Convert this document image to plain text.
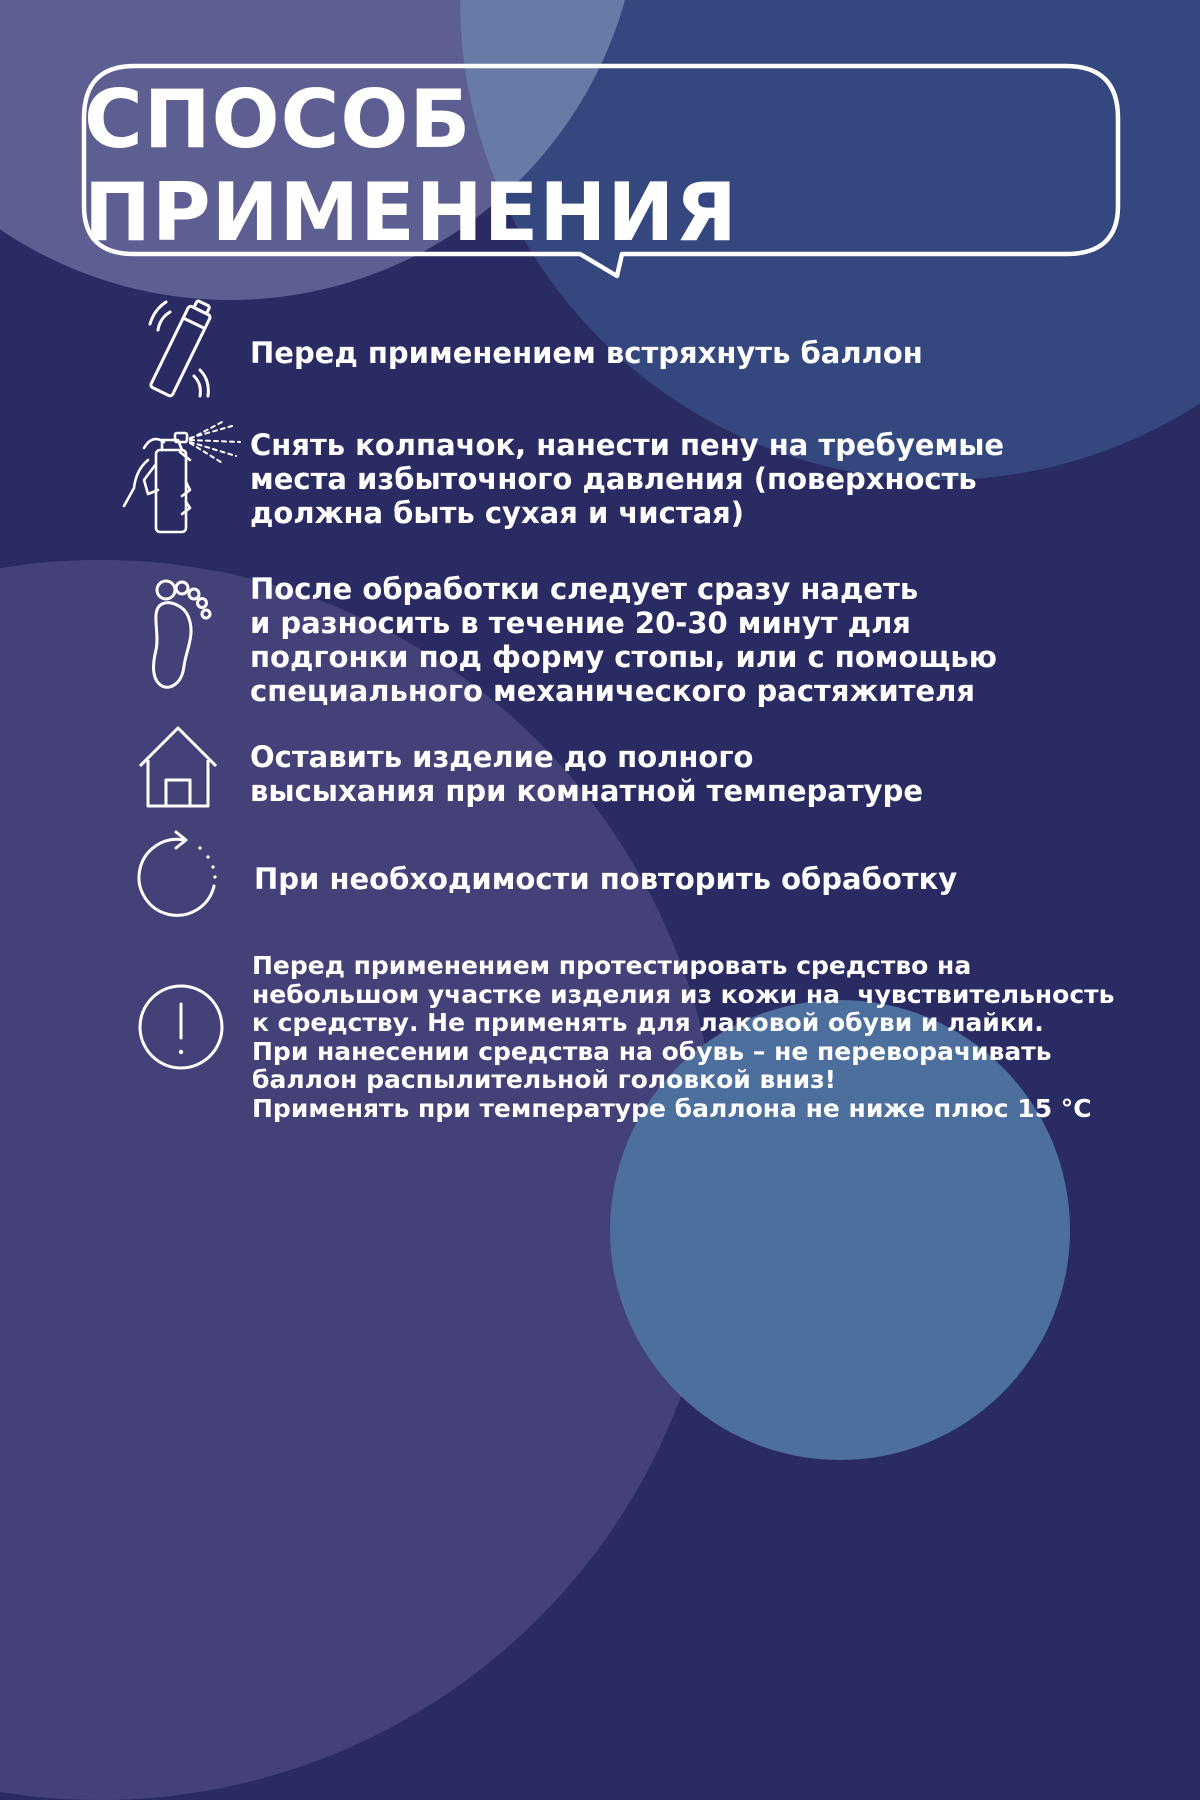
СПОСОБ ПРИМЕНЕНИЯ

Перед применением встряхнуть баллон

Снять колпачок, нанести пену на требуемые
места избыточного давления (поверхность
должна быть сухая и чистая)

После обработки следует сразу надеть
и разносить в течение 20-30 минут для
подгонки под форму стопы, или с помощью
специального механического растяжителя

Оставить изделие до полного
высыхания при комнатной температуре

При необходимости повторить обработку

Перед применением протестировать средство на
небольшом участке изделия из кожи на  чувствительность
к средству. Не применять для лаковой обуви и лайки.
При нанесении средства на обувь – не переворачивать
баллон распылительной головкой вниз!
Применять при температуре баллона не ниже плюс 15 °С
